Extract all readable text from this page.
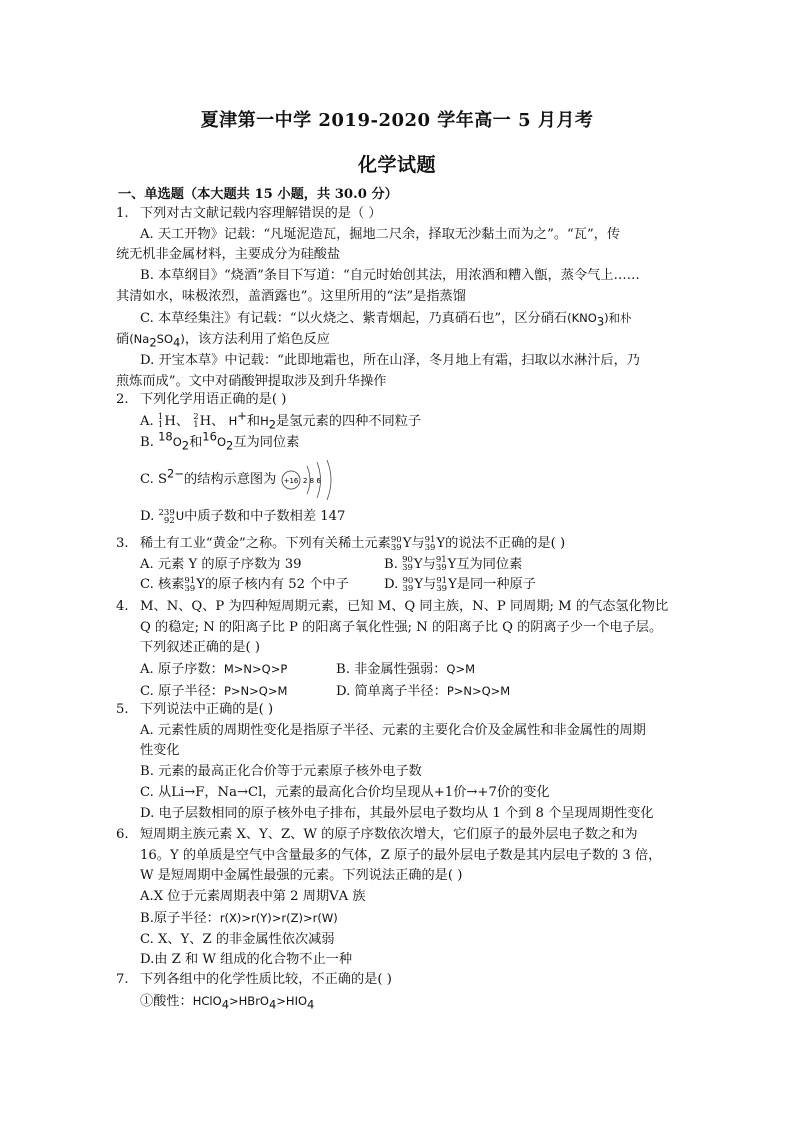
夏津第一中学 2019-2020 学年高一 5 月月考
化学试题
一、单选题（本大题共 15 小题，共 30.0 分）
1. 下列对古文献记载内容理解错误的是（ ）
A. 天工开物》记载：“凡埏泥造瓦，掘地二尺余，择取无沙黏土而为之”。“瓦”，传
统无机非金属材料，主要成分为硅酸盐
B. 本草纲目》“烧酒”条目下写道：“自元时始创其法，用浓酒和糟入甑，蒸令气上……
其清如水，味极浓烈，盖酒露也”。这里所用的“法”是指蒸馏
C. 本草经集注》有记载：“以火烧之、紫青烟起，乃真硝石也”，区分硝石$(KNO_3)$和朴
硝$(Na_2SO_4)$，该方法利用了焰色反应
D. 开宝本草》中记载：“此即地霜也，所在山泽，冬月地上有霜，扫取以水淋汁后，乃
煎炼而成”。文中对硝酸钾提取涉及到升华操作
2. 下列化学用语正确的是( )
A. 1
1 H、 2
1 H、 H+和$H_2$是氢元素的四种不同粒子
B. $^{18}O_2$和$^{16}O_2$互为同位素
C. $S^{2-}$的结构示意图为 +16 2 8 6
D. 239
92 U中质子数和中子数相差 147
3. 稀土有工业“黄金”之称。下列有关稀土元素 90
39 Y与 91
39 Y的说法不正确的是( )
A. 元素 Y 的原子序数为 39	B. 90
39 Y与 91
39 Y互为同位素
C. 核素 91
39 Y的原子核内有 52 个中子	D. 90
39 Y与 91
39 Y是同一种原子
4. M、N、Q、P 为四种短周期元素，已知 M、Q 同主族，N、P 同周期; M 的气态氢化物比
Q 的稳定; N 的阳离子比 P 的阳离子氧化性强; N 的阳离子比 Q 的阴离子少一个电子层。
下列叙述正确的是( )
A. 原子序数：M>N>Q>P	B. 非金属性强弱：Q>M
C. 原子半径：P>N>Q>M	D. 简单离子半径：P>N>Q>M
5. 下列说法中正确的是( )
A. 元素性质的周期性变化是指原子半径、元素的主要化合价及金属性和非金属性的周期
性变化
B. 元素的最高正化合价等于元素原子核外电子数
C. 从Li→F，Na→Cl，元素的最高化合价均呈现从+1价→+7价的变化
D. 电子层数相同的原子核外电子排布，其最外层电子数均从 1 个到 8 个呈现周期性变化
6. 短周期主族元素 X、Y、Z、W 的原子序数依次增大，它们原子的最外层电子数之和为
16。Y 的单质是空气中含量最多的气体，Z 原子的最外层电子数是其内层电子数的 3 倍，
W 是短周期中金属性最强的元素。下列说法正确的是( )
A.X 位于元素周期表中第 2 周期ⅤA 族
B.原子半径：r(X)>r(Y)>r(Z)>r(W)
C. X、Y、Z 的非金属性依次减弱
D.由 Z 和 W 组成的化合物不止一种
7. 下列各组中的化学性质比较，不正确的是( )
①酸性：$HClO_4>HBrO_4>HIO_4$
